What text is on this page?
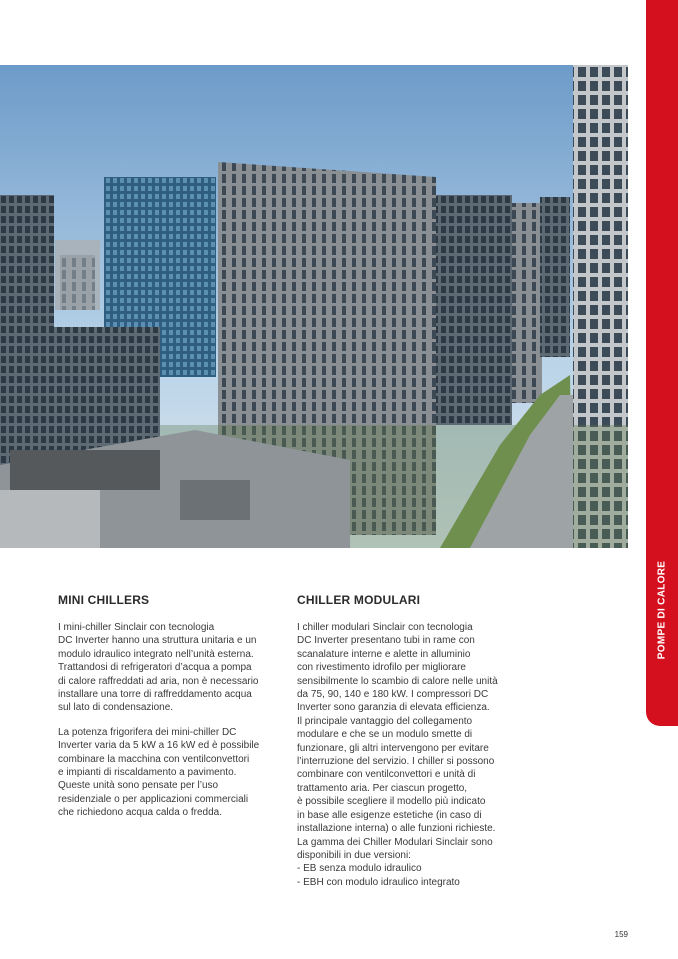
POMPE DI CALORE
MINI CHILLERS

I mini-chiller Sinclair con tecnologia
DC Inverter hanno una struttura unitaria e un
modulo idraulico integrato nell’unità esterna.
Trattandosi di refrigeratori d’acqua a pompa
di calore raffreddati ad aria, non è necessario
installare una torre di raffreddamento acqua
sul lato di condensazione.

La potenza frigorifera dei mini-chiller DC
Inverter varia da 5 kW a 16 kW ed è possibile
combinare la macchina con ventilconvettori
e impianti di riscaldamento a pavimento.
Queste unità sono pensate per l’uso
residenziale o per applicazioni commerciali
che richiedono acqua calda o fredda.

CHILLER MODULARI

I chiller modulari Sinclair con tecnologia
DC Inverter presentano tubi in rame con
scanalature interne e alette in alluminio
con rivestimento idrofilo per migliorare
sensibilmente lo scambio di calore nelle unità
da 75, 90, 140 e 180 kW. I compressori DC
Inverter sono garanzia di elevata efficienza.
Il principale vantaggio del collegamento
modulare e che se un modulo smette di
funzionare, gli altri intervengono per evitare
l’interruzione del servizio. I chiller si possono
combinare con ventilconvettori e unità di
trattamento aria. Per ciascun progetto,
è possibile scegliere il modello più indicato
in base alle esigenze estetiche (in caso di
installazione interna) o alle funzioni richieste.
La gamma dei Chiller Modulari Sinclair sono
disponibili in due versioni:
- EB senza modulo idraulico
- EBH con modulo idraulico integrato

159
